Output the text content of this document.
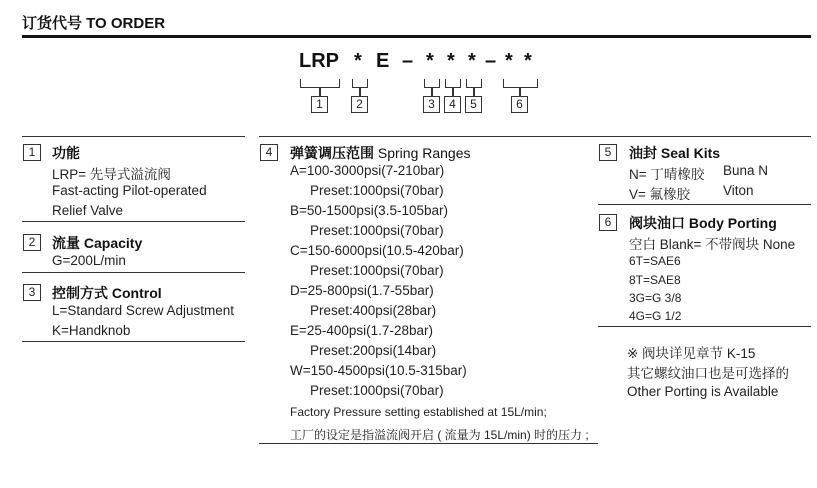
订货代号 TO ORDER
LRP * E – * * * – * *
1	2	3	4	5	6
1	功能
LRP= 先导式溢流阀
Fast-acting Pilot-operated
Relief Valve
2	流量 Capacity
G=200L/min
3	控制方式 Control
L=Standard Screw Adjustment
K=Handknob
4	弹簧调压范围 Spring Ranges
A=100-3000psi(7-210bar)
Preset:1000psi(70bar)
B=50-1500psi(3.5-105bar)
Preset:1000psi(70bar)
C=150-6000psi(10.5-420bar)
Preset:1000psi(70bar)
D=25-800psi(1.7-55bar)
Preset:400psi(28bar)
E=25-400psi(1.7-28bar)
Preset:200psi(14bar)
W=150-4500psi(10.5-315bar)
Preset:1000psi(70bar)
Factory Pressure setting established at 15L/min;
工厂的设定是指溢流阀开启 ( 流量为 15L/min) 时的压力 ;
5	油封 Seal Kits
N= 丁晴橡胶 Buna N
V= 氟橡胶 Viton
6	阀块油口 Body Porting
空白 Blank= 不带阀块 None
6T=SAE6
8T=SAE8
3G=G 3/8
4G=G 1/2
※ 阀块详见章节 K-15
其它螺纹油口也是可选择的
Other Porting is Available
